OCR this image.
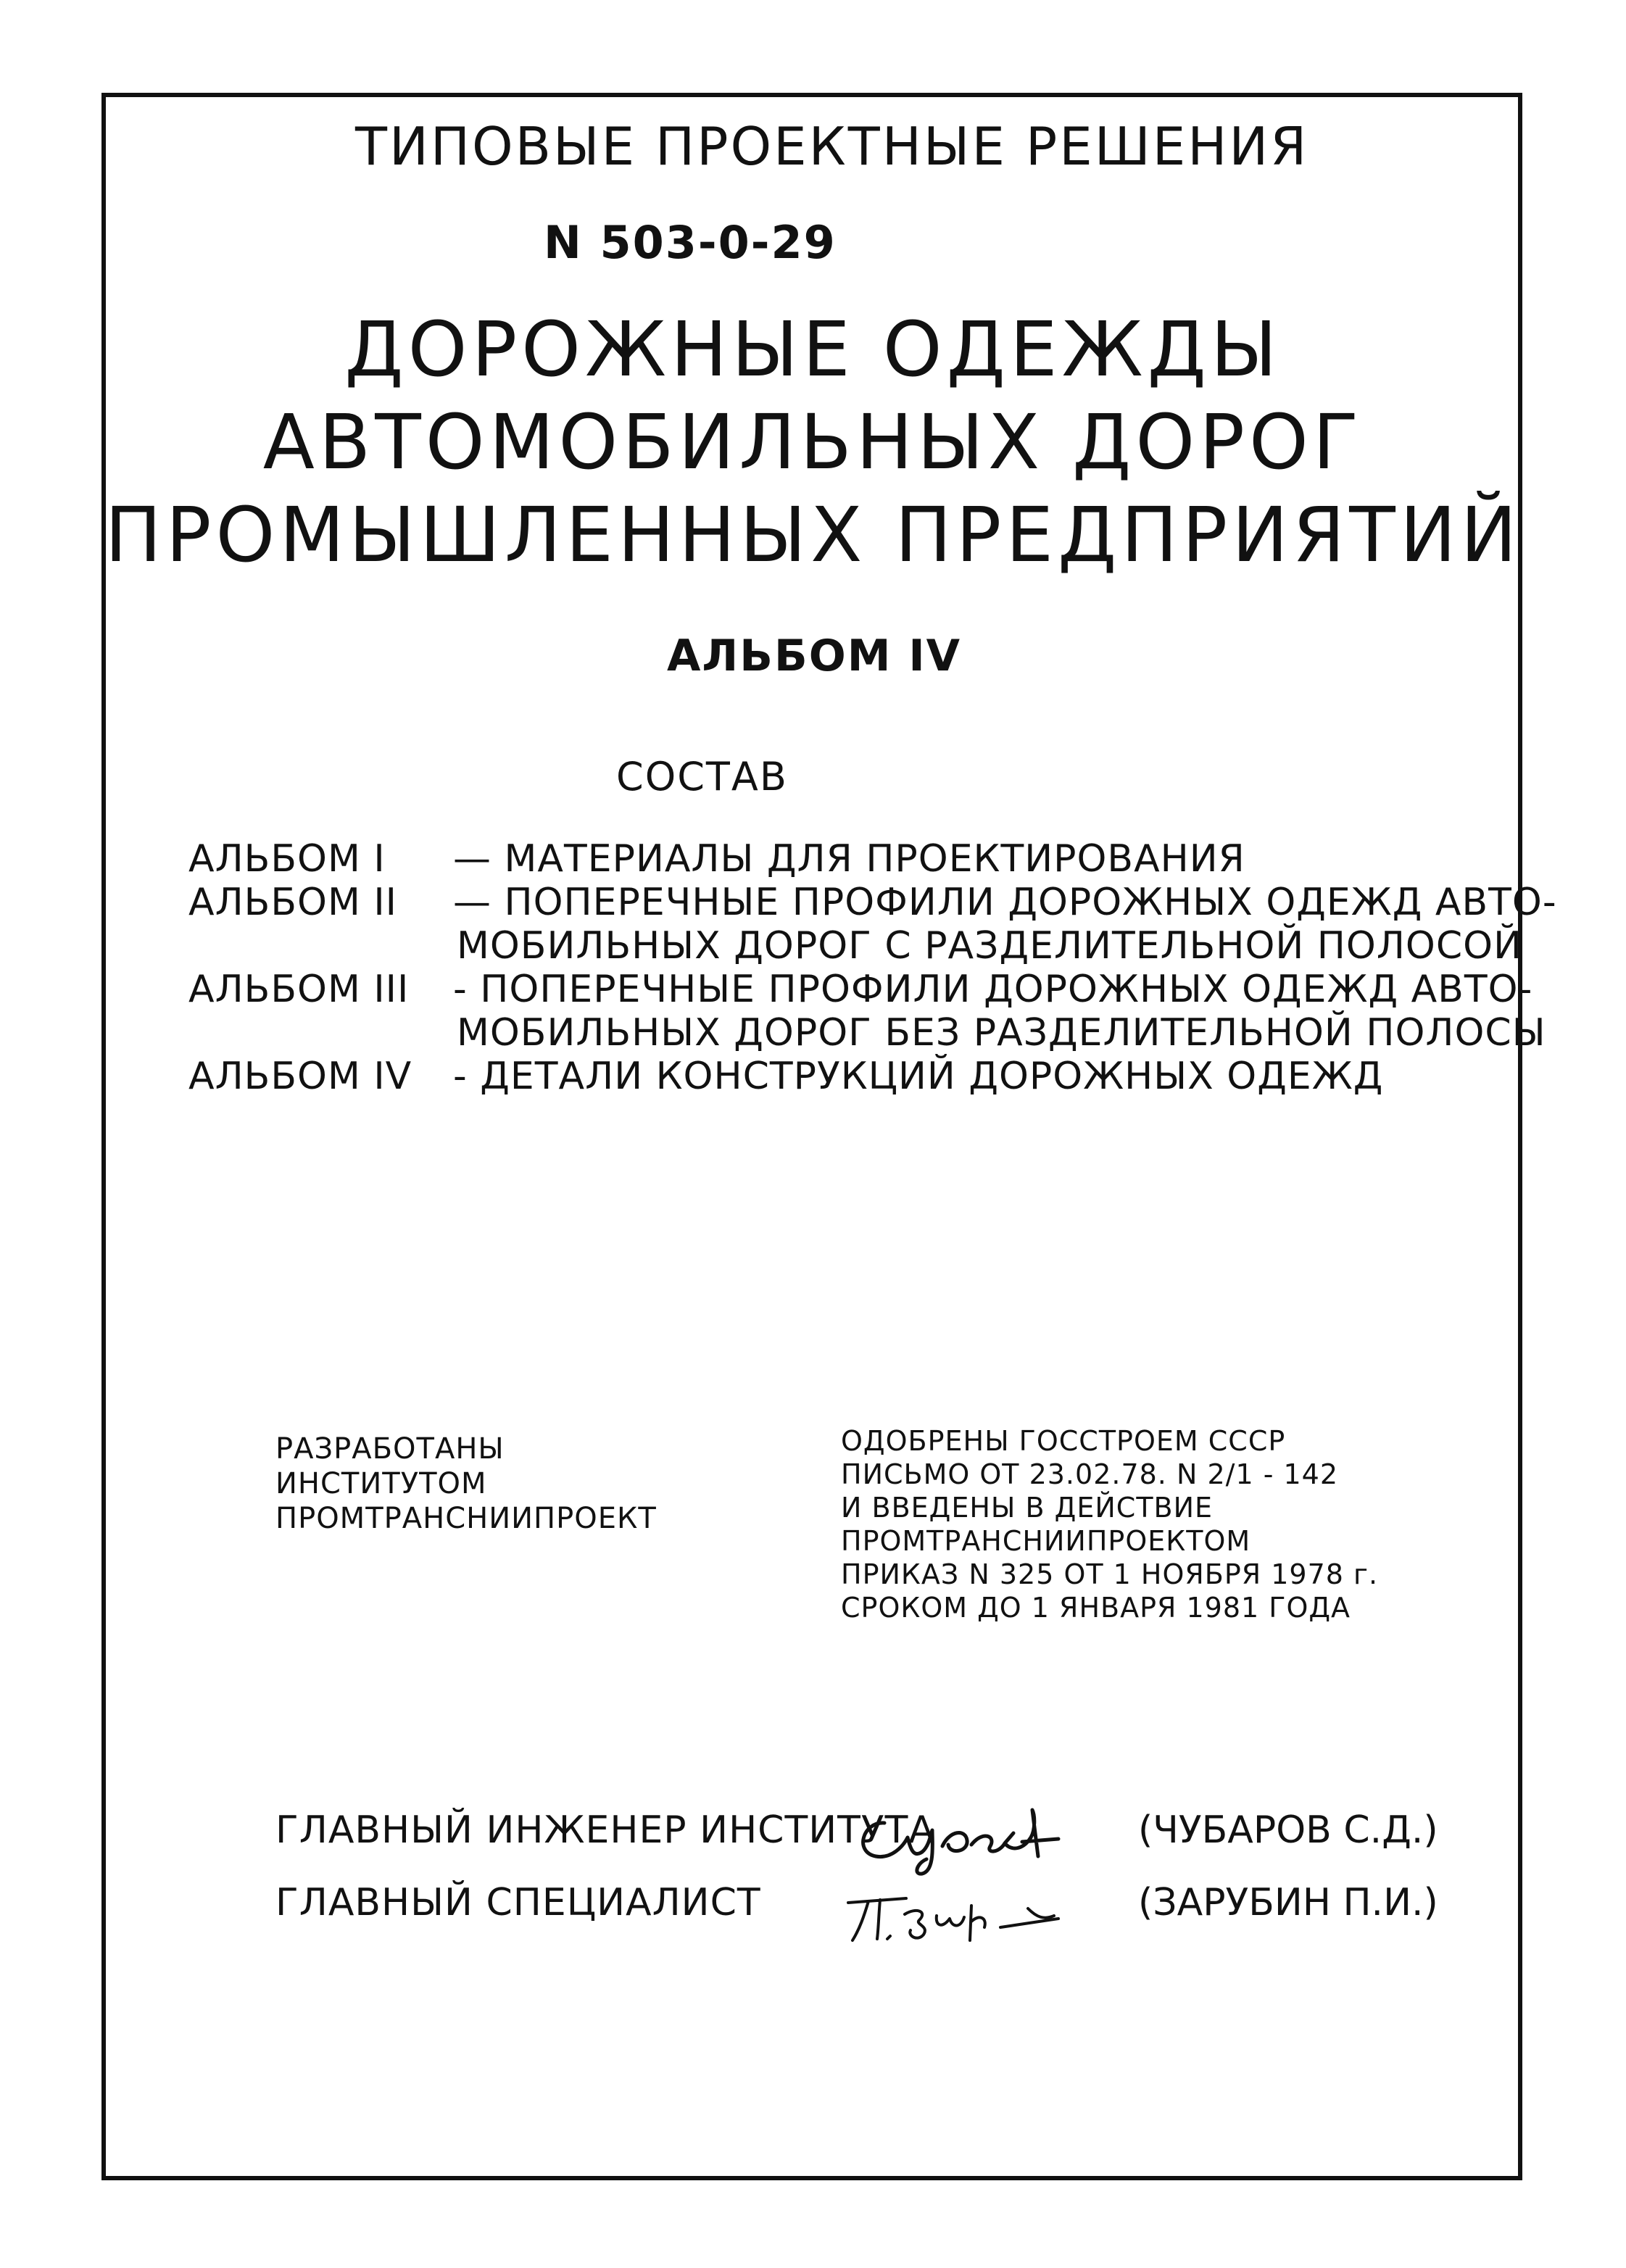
ТИПОВЫЕ ПРОЕКТНЫЕ РЕШЕНИЯ
N 503-0-29
ДОРОЖНЫЕ ОДЕЖДЫ
АВТОМОБИЛЬНЫХ ДОРОГ
ПРОМЫШЛЕННЫХ ПРЕДПРИЯТИЙ
АЛЬБОМ IV
СОСТАВ
АЛЬБОМ I	— МАТЕРИАЛЫ ДЛЯ ПРОЕКТИРОВАНИЯ
АЛЬБОМ II	— ПОПЕРЕЧНЫЕ ПРОФИЛИ ДОРОЖНЫХ ОДЕЖД АВТО-
МОБИЛЬНЫХ ДОРОГ С РАЗДЕЛИТЕЛЬНОЙ ПОЛОСОЙ
АЛЬБОМ III	- ПОПЕРЕЧНЫЕ ПРОФИЛИ ДОРОЖНЫХ ОДЕЖД АВТО-
МОБИЛЬНЫХ ДОРОГ БЕЗ РАЗДЕЛИТЕЛЬНОЙ ПОЛОСЫ
АЛЬБОМ IV	- ДЕТАЛИ КОНСТРУКЦИЙ ДОРОЖНЫХ ОДЕЖД
РАЗРАБОТАНЫ
ИНСТИТУТОМ
ПРОМТРАНСНИИПРОЕКТ
ОДОБРЕНЫ ГОССТРОЕМ СССР
ПИСЬМО ОТ 23.02.78. N 2/1 - 142
И ВВЕДЕНЫ В ДЕЙСТВИЕ
ПРОМТРАНСНИИПРОЕКТОМ
ПРИКАЗ N 325 ОТ 1 НОЯБРЯ 1978 г.
СРОКОМ ДО 1 ЯНВАРЯ 1981 ГОДА
ГЛАВНЫЙ ИНЖЕНЕР ИНСТИТУТА	(ЧУБАРОВ С.Д.)
ГЛАВНЫЙ СПЕЦИАЛИСТ	(ЗАРУБИН П.И.)
